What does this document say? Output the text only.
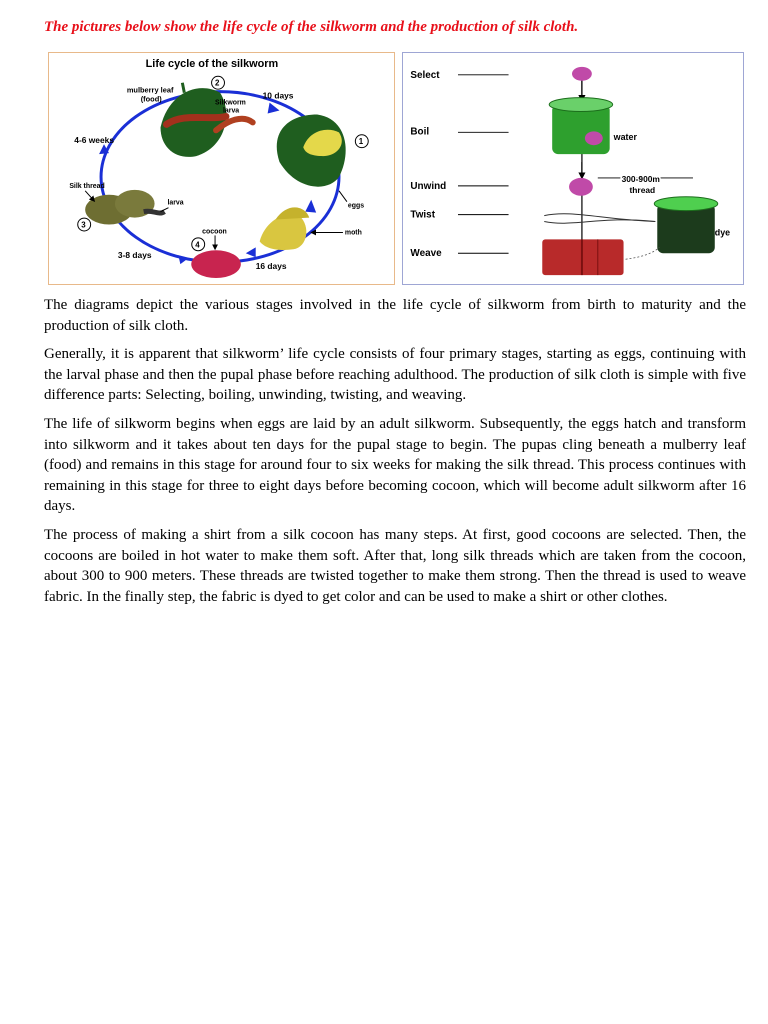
The pictures below show the life cycle of the silkworm and the production of silk cloth.
Life cycle of the silkworm
1
2
3
4
mulberry leaf
(food)	Silkworm
larva
10 days
4-6 weeks
Silk thread
larva	eggs
cocoon	moth
3-8 days
16 days
Select
Boil
Unwind
Twist
Weave
water
300-900m
thread
dye

The diagrams depict the various stages involved in the life cycle of silkworm from birth to maturity and the production of silk cloth.

Generally, it is apparent that silkworm’ life cycle consists of four primary stages, starting as eggs, continuing with the larval phase and then the pupal phase before reaching adulthood. The production of silk cloth is simple with five difference parts: Selecting, boiling, unwinding, twisting, and weaving.

The life of silkworm begins when eggs are laid by an adult silkworm. Subsequently, the eggs hatch and transform into silkworm and it takes about ten days for the pupal stage to begin. The pupas cling beneath a mulberry leaf (food) and remains in this stage for around four to six weeks for making the silk thread. This process continues with remaining in this stage for three to eight days before becoming cocoon, which will become adult silkworm after 16 days.

The process of making a shirt from a silk cocoon has many steps. At first, good cocoons are selected. Then, the cocoons are boiled in hot water to make them soft. After that, long silk threads which are taken from the cocoon, about 300 to 900 meters. These threads are twisted together to make them strong. Then the thread is used to weave fabric. In the finally step, the fabric is dyed to get color and can be used to make a shirt or other clothes.
